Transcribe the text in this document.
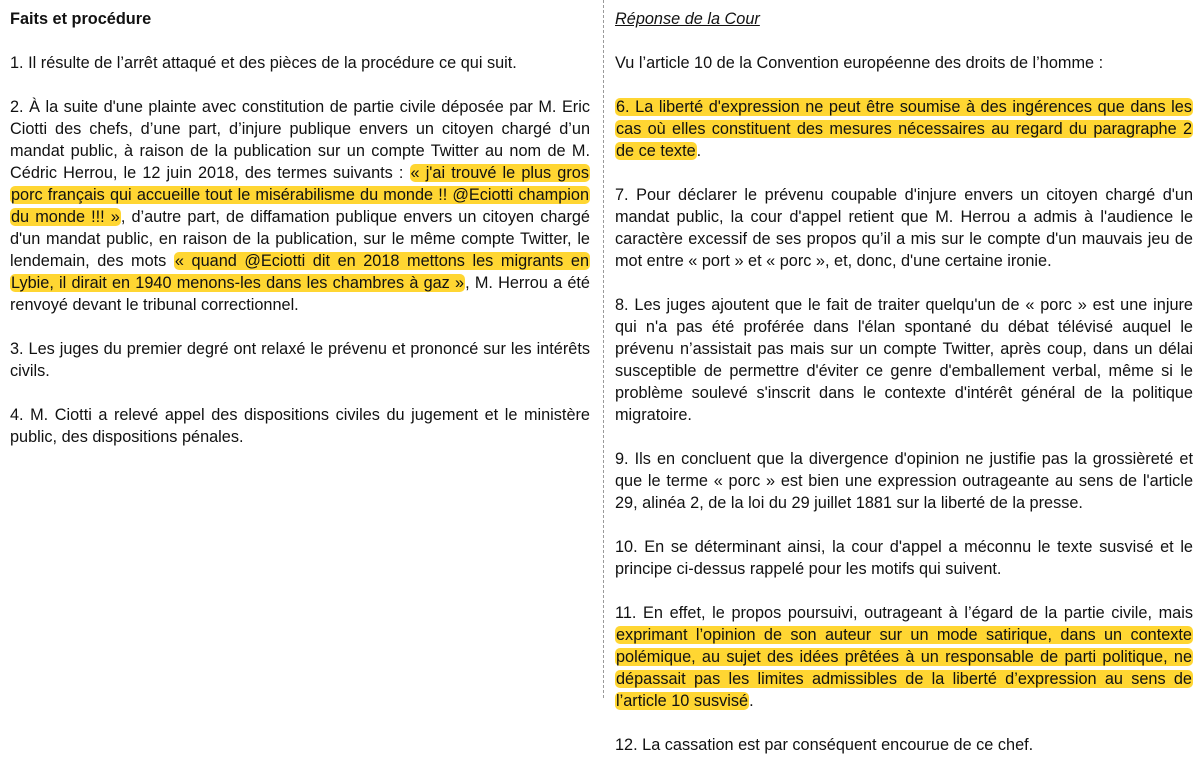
Faits et procédure

1. Il résulte de l’arrêt attaqué et des pièces de la procédure ce qui suit.

2. À la suite d'une plainte avec constitution de partie civile déposée par M. Eric Ciotti des chefs, d’une part, d’injure publique envers un citoyen chargé d’un mandat public, à raison de la publication sur un compte Twitter au nom de M. Cédric Herrou, le 12 juin 2018, des termes suivants : « j'ai trouvé le plus gros porc français qui accueille tout le misérabilisme du monde !! @Eciotti champion du monde !!! », d’autre part, de diffamation publique envers un citoyen chargé d'un mandat public, en raison de la publication, sur le même compte Twitter, le lendemain, des mots « quand @Eciotti dit en 2018 mettons les migrants en Lybie, il dirait en 1940 menons-les dans les chambres à gaz », M. Herrou a été renvoyé devant le tribunal correctionnel.

3. Les juges du premier degré ont relaxé le prévenu et prononcé sur les intérêts civils.

4. M. Ciotti a relevé appel des dispositions civiles du jugement et le ministère public, des dispositions pénales.

Réponse de la Cour

Vu l’article 10 de la Convention européenne des droits de l’homme :

6. La liberté d'expression ne peut être soumise à des ingérences que dans les cas où elles constituent des mesures nécessaires au regard du paragraphe 2 de ce texte.

7. Pour déclarer le prévenu coupable d'injure envers un citoyen chargé d'un mandat public, la cour d'appel retient que M. Herrou a admis à l'audience le caractère excessif de ses propos qu’il a mis sur le compte d'un mauvais jeu de mot entre « port » et « porc », et, donc, d'une certaine ironie.

8. Les juges ajoutent que le fait de traiter quelqu'un de « porc » est une injure qui n'a pas été proférée dans l'élan spontané du débat télévisé auquel le prévenu n’assistait pas mais sur un compte Twitter, après coup, dans un délai susceptible de permettre d'éviter ce genre d'emballement verbal, même si le problème soulevé s'inscrit dans le contexte d'intérêt général de la politique migratoire.

9. Ils en concluent que la divergence d'opinion ne justifie pas la grossièreté et que le terme « porc » est bien une expression outrageante au sens de l'article 29, alinéa 2, de la loi du 29 juillet 1881 sur la liberté de la presse.

10. En se déterminant ainsi, la cour d'appel a méconnu le texte susvisé et le principe ci-dessus rappelé pour les motifs qui suivent.

11. En effet, le propos poursuivi, outrageant à l’égard de la partie civile, mais exprimant l’opinion de son auteur sur un mode satirique, dans un contexte polémique, au sujet des idées prêtées à un responsable de parti politique, ne dépassait pas les limites admissibles de la liberté d’expression au sens de l’article 10 susvisé.

12. La cassation est par conséquent encourue de ce chef.
